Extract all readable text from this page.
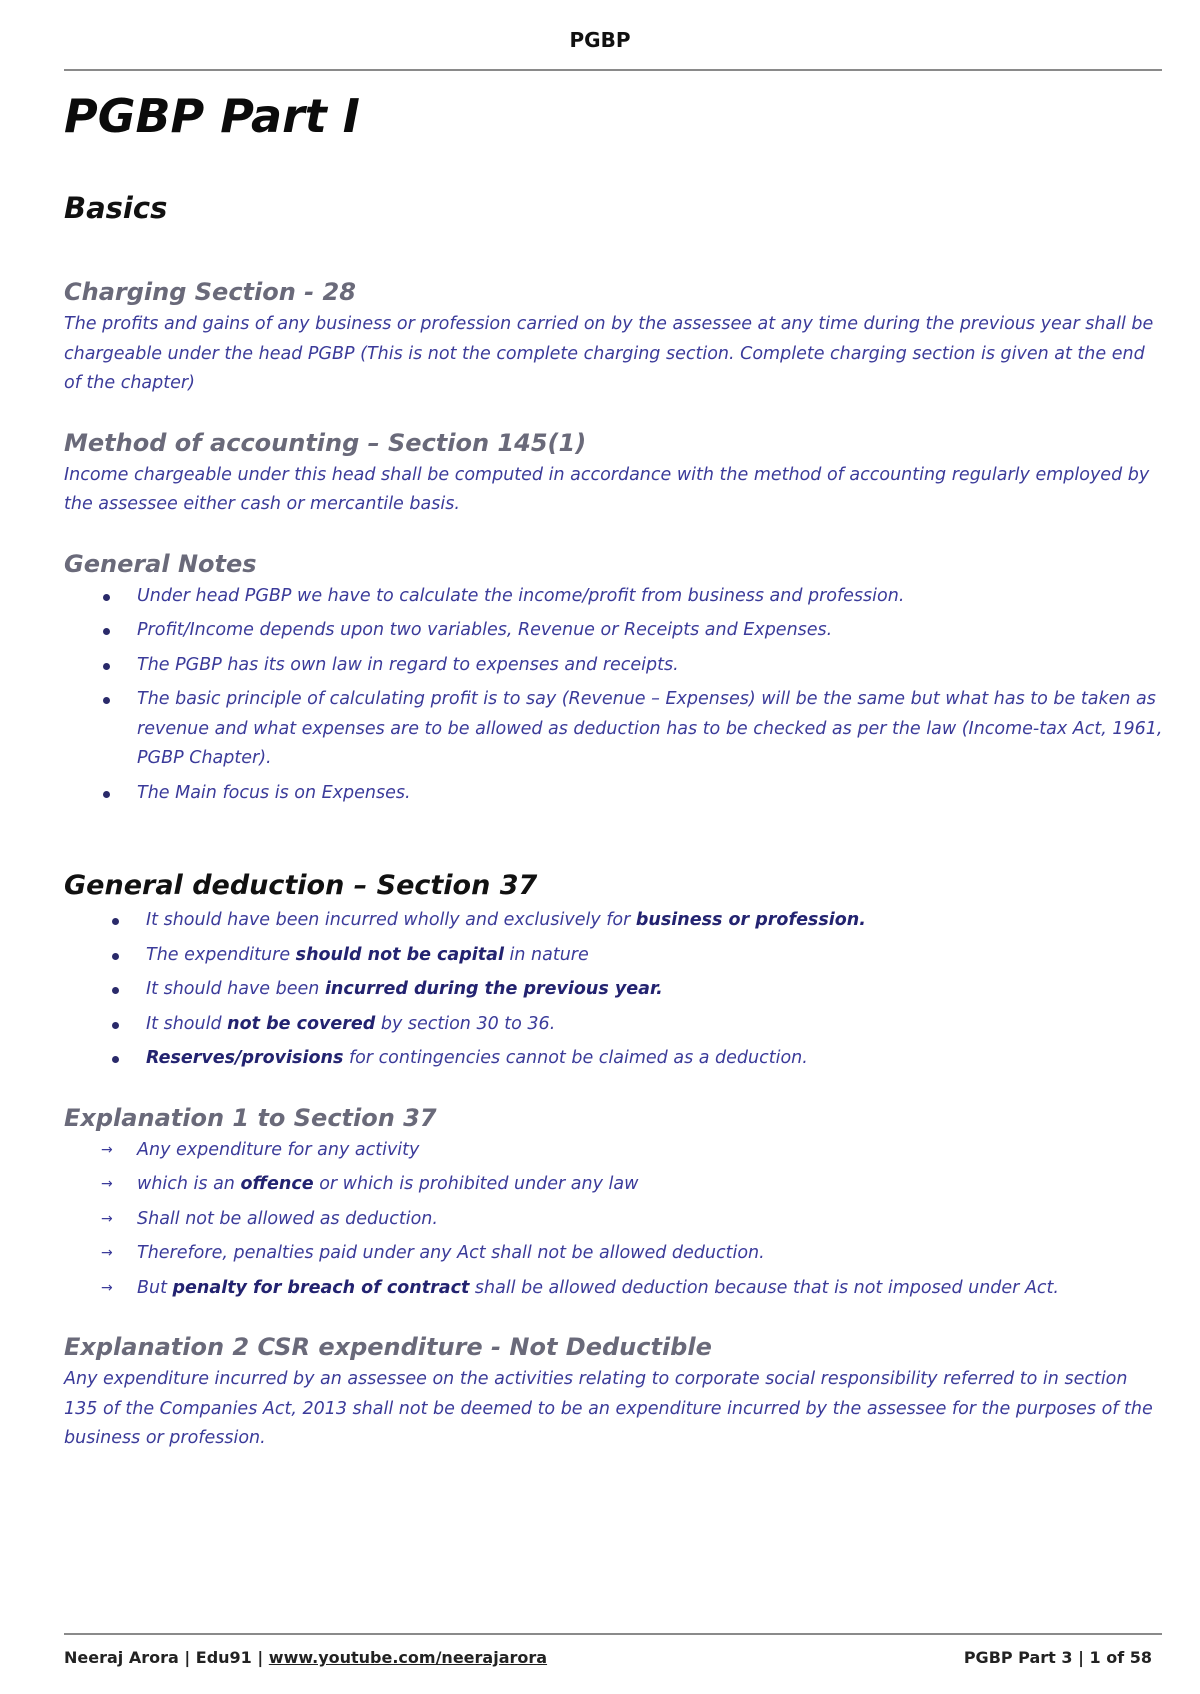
PGBP
PGBP Part I
Basics
Charging Section - 28

The profits and gains of any business or profession carried on by the assessee at any time during the previous year shall be chargeable under the head PGBP (This is not the complete charging section. Complete charging section is given at the end of the chapter)

Method of accounting – Section 145(1)

Income chargeable under this head shall be computed in accordance with the method of accounting regularly employed by the assessee either cash or mercantile basis.

General Notes
Under head PGBP we have to calculate the income/profit from business and profession.
Profit/Income depends upon two variables, Revenue or Receipts and Expenses.
The PGBP has its own law in regard to expenses and receipts.
The basic principle of calculating profit is to say (Revenue – Expenses) will be the same but what has to be taken as revenue and what expenses are to be allowed as deduction has to be checked as per the law (Income-tax Act, 1961, PGBP Chapter).
The Main focus is on Expenses.
General deduction – Section 37
It should have been incurred wholly and exclusively for business or profession.
The expenditure should not be capital in nature
It should have been incurred during the previous year.
It should not be covered by section 30 to 36.
Reserves/provisions for contingencies cannot be claimed as a deduction.
Explanation 1 to Section 37
→ Any expenditure for any activity
→ which is an offence or which is prohibited under any law
→ Shall not be allowed as deduction.
→ Therefore, penalties paid under any Act shall not be allowed deduction.
→ But penalty for breach of contract shall be allowed deduction because that is not imposed under Act.
Explanation 2 CSR expenditure - Not Deductible

Any expenditure incurred by an assessee on the activities relating to corporate social responsibility referred to in section 135 of the Companies Act, 2013 shall not be deemed to be an expenditure incurred by the assessee for the purposes of the business or profession.

Neeraj Arora | Edu91 | www.youtube.com/neerajarora	PGBP Part 3 | 1 of 58
